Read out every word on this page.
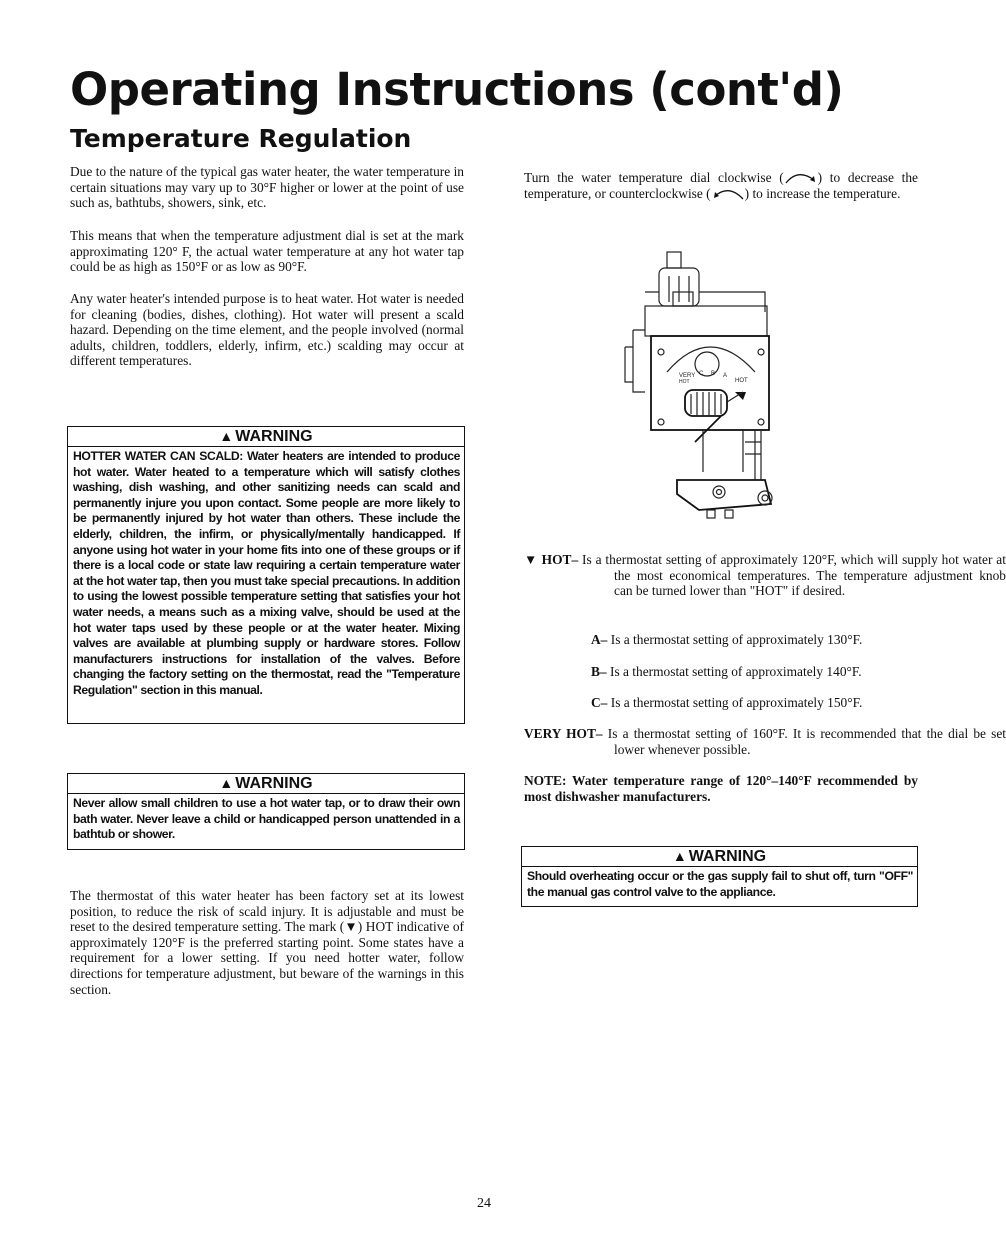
Operating Instructions (cont'd)
Temperature Regulation
Due to the nature of the typical gas water heater, the water temperature in certain situations may vary up to 30°F higher or lower at the point of use such as, bathtubs, showers, sink, etc.
This means that when the temperature adjustment dial is set at the mark approximating 120° F, the actual water temperature at any hot water tap could be as high as 150°F or as low as 90°F.
Any water heater's intended purpose is to heat water. Hot water is needed for cleaning (bodies, dishes, clothing). Hot water will present a scald hazard. Depending on the time element, and the people involved (normal adults, children, toddlers, elderly, infirm, etc.) scalding may occur at different temperatures.
▲ WARNING
HOTTER WATER CAN SCALD: Water heaters are intended to produce hot water. Water heated to a temperature which will satisfy clothes washing, dish washing, and other sanitizing needs can scald and permanently injure you upon contact. Some people are more likely to be permanently injured by hot water than others. These include the elderly, children, the infirm, or physically/mentally handicapped. If anyone using hot water in your home fits into one of these groups or if there is a local code or state law requiring a certain temperature water at the hot water tap, then you must take special precautions. In addition to using the lowest possible temperature setting that satisfies your hot water needs, a means such as a mixing valve, should be used at the hot water taps used by these people or at the water heater. Mixing valves are available at plumbing supply or hardware stores. Follow manufacturers instructions for installation of the valves. Before changing the factory setting on the thermostat, read the "Temperature Regulation" section in this manual.
▲ WARNING
Never allow small children to use a hot water tap, or to draw their own bath water. Never leave a child or handicapped person unattended in a bathtub or shower.
The thermostat of this water heater has been factory set at its lowest position, to reduce the risk of scald injury. It is adjustable and must be reset to the desired temperature setting. The mark (▼) HOT indicative of approximately 120°F is the preferred starting point. Some states have a requirement for a lower setting. If you need hotter water, follow directions for temperature adjustment, but beware of the warnings in this section.
Turn the water temperature dial clockwise (	) to decrease the temperature, or counterclockwise (	) to increase the temperature.
VERY
HOT
C B A
HOT
▼ HOT– Is a thermostat setting of approximately 120°F, which will supply hot water at the most economical temperatures. The temperature adjustment knob can be turned lower than "HOT" if desired.
A– Is a thermostat setting of approximately 130°F.
B– Is a thermostat setting of approximately 140°F.
C– Is a thermostat setting of approximately 150°F.
VERY HOT– Is a thermostat setting of 160°F. It is recommended that the dial be set lower whenever possible.
NOTE: Water temperature range of 120°–140°F recommended by most dishwasher manufacturers.
▲ WARNING
Should overheating occur or the gas supply fail to shut off, turn "OFF" the manual gas control valve to the appliance.
24
